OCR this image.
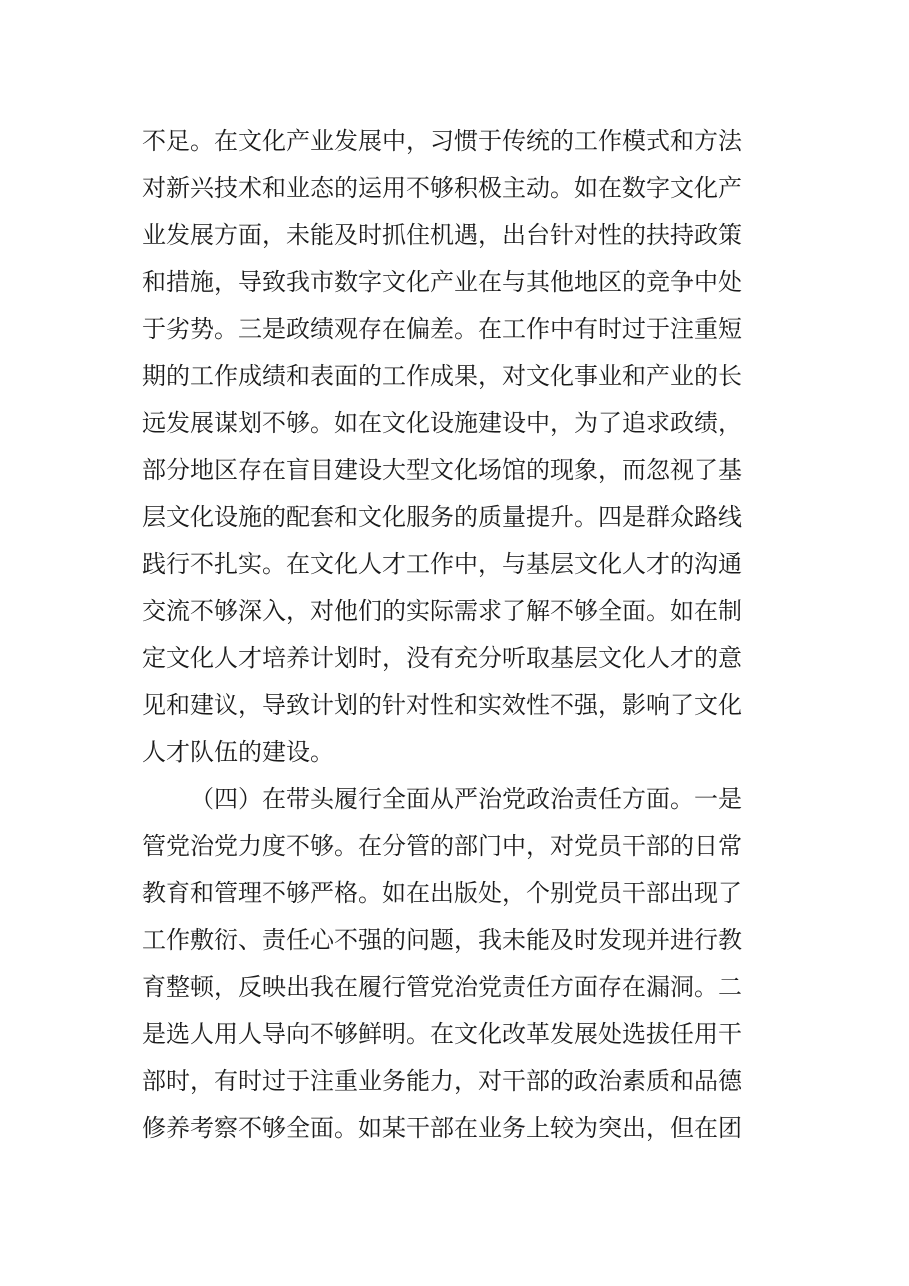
不足。在文化产业发展中，习惯于传统的工作模式和方法
对新兴技术和业态的运用不够积极主动。如在数字文化产
业发展方面，未能及时抓住机遇，出台针对性的扶持政策
和措施，导致我市数字文化产业在与其他地区的竞争中处
于劣势。三是政绩观存在偏差。在工作中有时过于注重短
期的工作成绩和表面的工作成果，对文化事业和产业的长
远发展谋划不够。如在文化设施建设中，为了追求政绩，
部分地区存在盲目建设大型文化场馆的现象，而忽视了基
层文化设施的配套和文化服务的质量提升。四是群众路线
践行不扎实。在文化人才工作中，与基层文化人才的沟通
交流不够深入，对他们的实际需求了解不够全面。如在制
定文化人才培养计划时，没有充分听取基层文化人才的意
见和建议，导致计划的针对性和实效性不强，影响了文化
人才队伍的建设。
（四）在带头履行全面从严治党政治责任方面。一是
管党治党力度不够。在分管的部门中，对党员干部的日常
教育和管理不够严格。如在出版处，个别党员干部出现了
工作敷衍、责任心不强的问题，我未能及时发现并进行教
育整顿，反映出我在履行管党治党责任方面存在漏洞。二
是选人用人导向不够鲜明。在文化改革发展处选拔任用干
部时，有时过于注重业务能力，对干部的政治素质和品德
修养考察不够全面。如某干部在业务上较为突出，但在团
